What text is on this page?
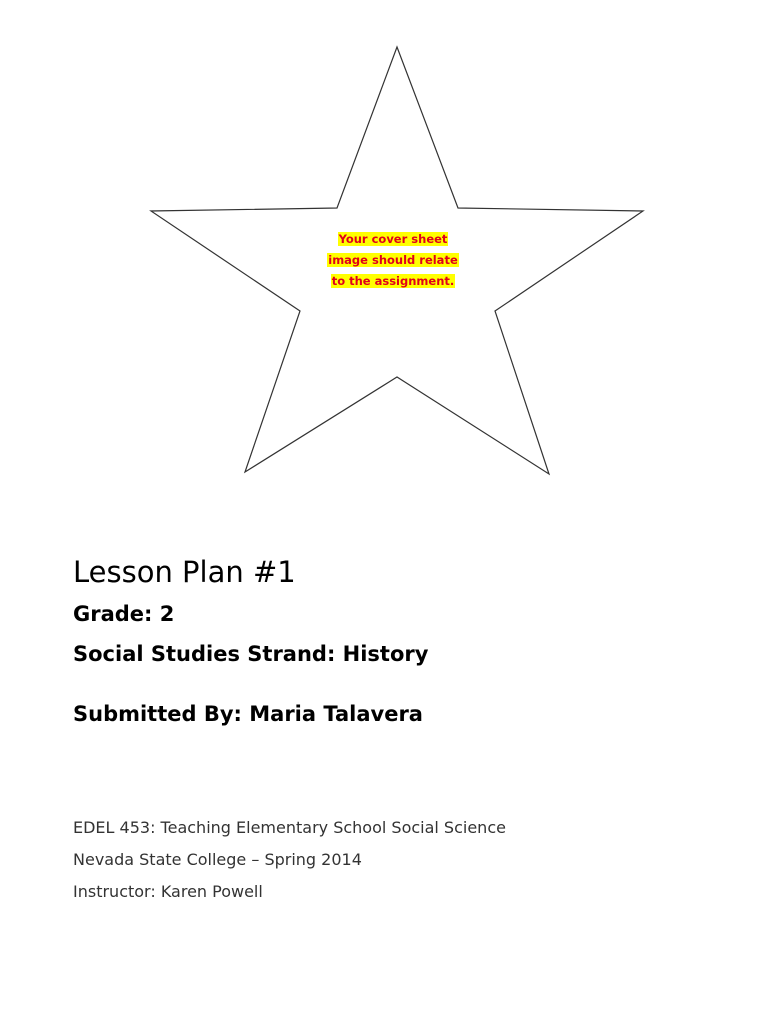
Your cover sheet
image should relate
to the assignment.
Lesson Plan #1
Grade: 2
Social Studies Strand: History
Submitted By: Maria Talavera

EDEL 453: Teaching Elementary School Social Science

Nevada State College – Spring 2014

Instructor: Karen Powell
